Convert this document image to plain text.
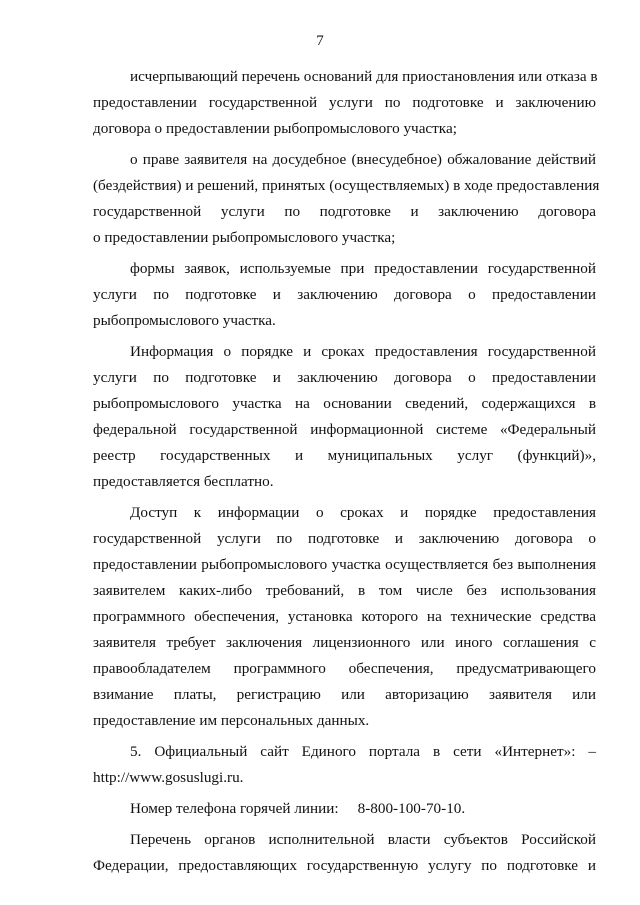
7
исчерпывающий перечень оснований для приостановления или отказа в
предоставлении государственной услуги по подготовке и заключению
договора о предоставлении рыбопромыслового участка;
о праве заявителя на досудебное (внесудебное) обжалование действий
(бездействия) и решений, принятых (осуществляемых) в ходе предоставления
государственной услуги по подготовке и заключению договора
о предоставлении рыбопромыслового участка;
формы заявок, используемые при предоставлении государственной
услуги по подготовке и заключению договора о предоставлении
рыбопромыслового участка.
Информация о порядке и сроках предоставления государственной
услуги по подготовке и заключению договора о предоставлении
рыбопромыслового участка на основании сведений, содержащихся в
федеральной государственной информационной системе «Федеральный
реестр государственных и муниципальных услуг (функций)»,
предоставляется бесплатно.
Доступ к информации о сроках и порядке предоставления
государственной услуги по подготовке и заключению договора о
предоставлении рыбопромыслового участка осуществляется без выполнения
заявителем каких-либо требований, в том числе без использования
программного обеспечения, установка которого на технические средства
заявителя требует заключения лицензионного или иного соглашения с
правообладателем программного обеспечения, предусматривающего
взимание платы, регистрацию или авторизацию заявителя или
предоставление им персональных данных.
5. Официальный сайт Единого портала в сети «Интернет»: –
http://www.gosuslugi.ru.
Номер телефона горячей линии:     8-800-100-70-10.
Перечень органов исполнительной власти субъектов Российской
Федерации, предоставляющих государственную услугу по подготовке и
